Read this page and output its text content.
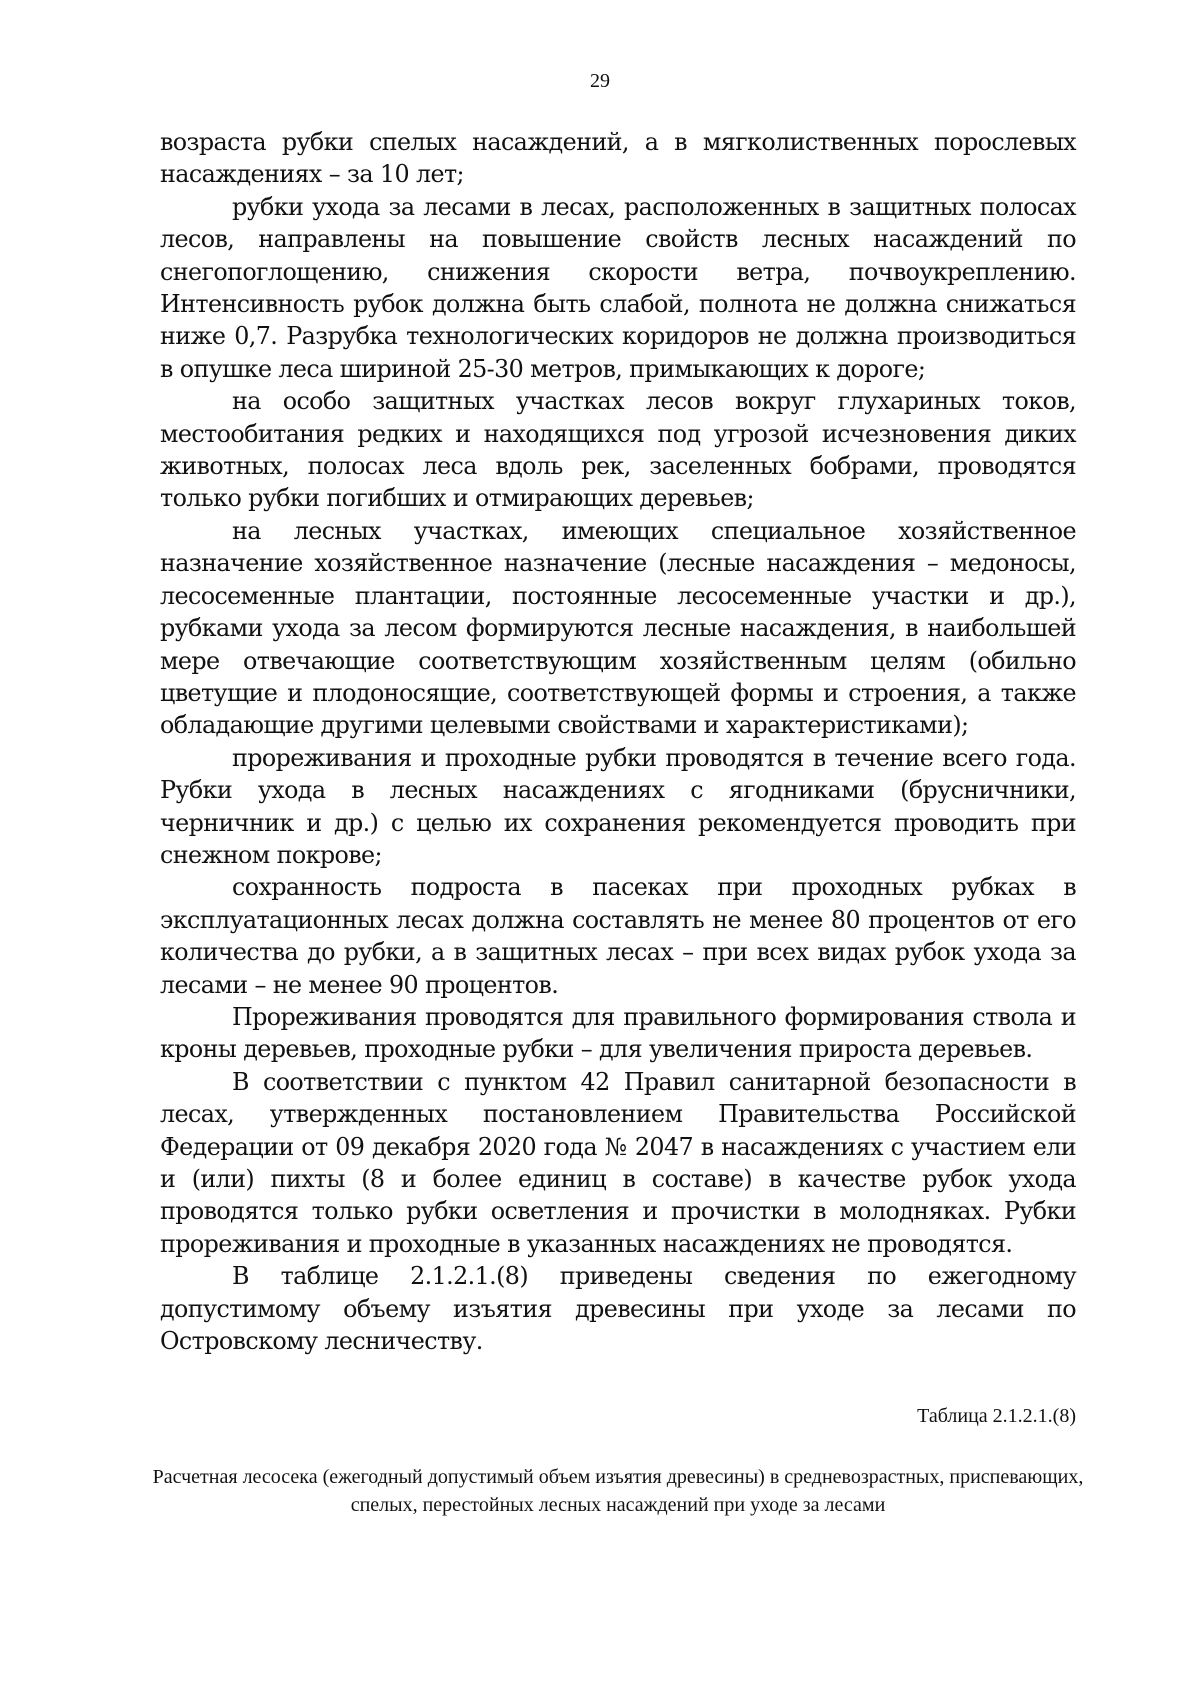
29

возраста рубки спелых насаждений, а в мягколиственных порослевых насаждениях – за 10 лет;

рубки ухода за лесами в лесах, расположенных в защитных полосах лесов, направлены на повышение свойств лесных насаждений по снегопоглощению, снижения скорости ветра, почвоукреплению. Интенсивность рубок должна быть слабой, полнота не должна снижаться ниже 0,7. Разрубка технологических коридоров не должна производиться в опушке леса шириной 25-30 метров, примыкающих к дороге;

на особо защитных участках лесов вокруг глухариных токов, местообитания редких и находящихся под угрозой исчезновения диких животных, полосах леса вдоль рек, заселенных бобрами, проводятся только рубки погибших и отмирающих деревьев;

на лесных участках, имеющих специальное хозяйственное назначение хозяйственное назначение (лесные насаждения – медоносы, лесосеменные плантации, постоянные лесосеменные участки и др.), рубками ухода за лесом формируются лесные насаждения, в наибольшей мере отвечающие соответствующим хозяйственным целям (обильно цветущие и плодоносящие, соответствующей формы и строения, а также обладающие другими целевыми свойствами и характеристиками);

прореживания и проходные рубки проводятся в течение всего года. Рубки ухода в лесных насаждениях с ягодниками (брусничники, черничник и др.) с целью их сохранения рекомендуется проводить при снежном покрове;

сохранность подроста в пасеках при проходных рубках в эксплуатационных лесах должна составлять не менее 80 процентов от его количества до рубки, а в защитных лесах – при всех видах рубок ухода за лесами – не менее 90 процентов.

Прореживания проводятся для правильного формирования ствола и кроны деревьев, проходные рубки – для увеличения прироста деревьев.

В соответствии с пунктом 42 Правил санитарной безопасности в лесах, утвержденных постановлением Правительства Российской Федерации от 09 декабря 2020 года № 2047 в насаждениях с участием ели и (или) пихты (8 и более единиц в составе) в качестве рубок ухода проводятся только рубки осветления и прочистки в молодняках. Рубки прореживания и проходные в указанных насаждениях не проводятся.

В таблице 2.1.2.1.(8) приведены сведения по ежегодному допустимому объему изъятия древесины при уходе за лесами по Островскому лесничеству.

Таблица 2.1.2.1.(8)
Расчетная лесосека (ежегодный допустимый объем изъятия древесины) в средневозрастных, приспевающих, спелых, перестойных лесных насаждений при уходе за лесами
